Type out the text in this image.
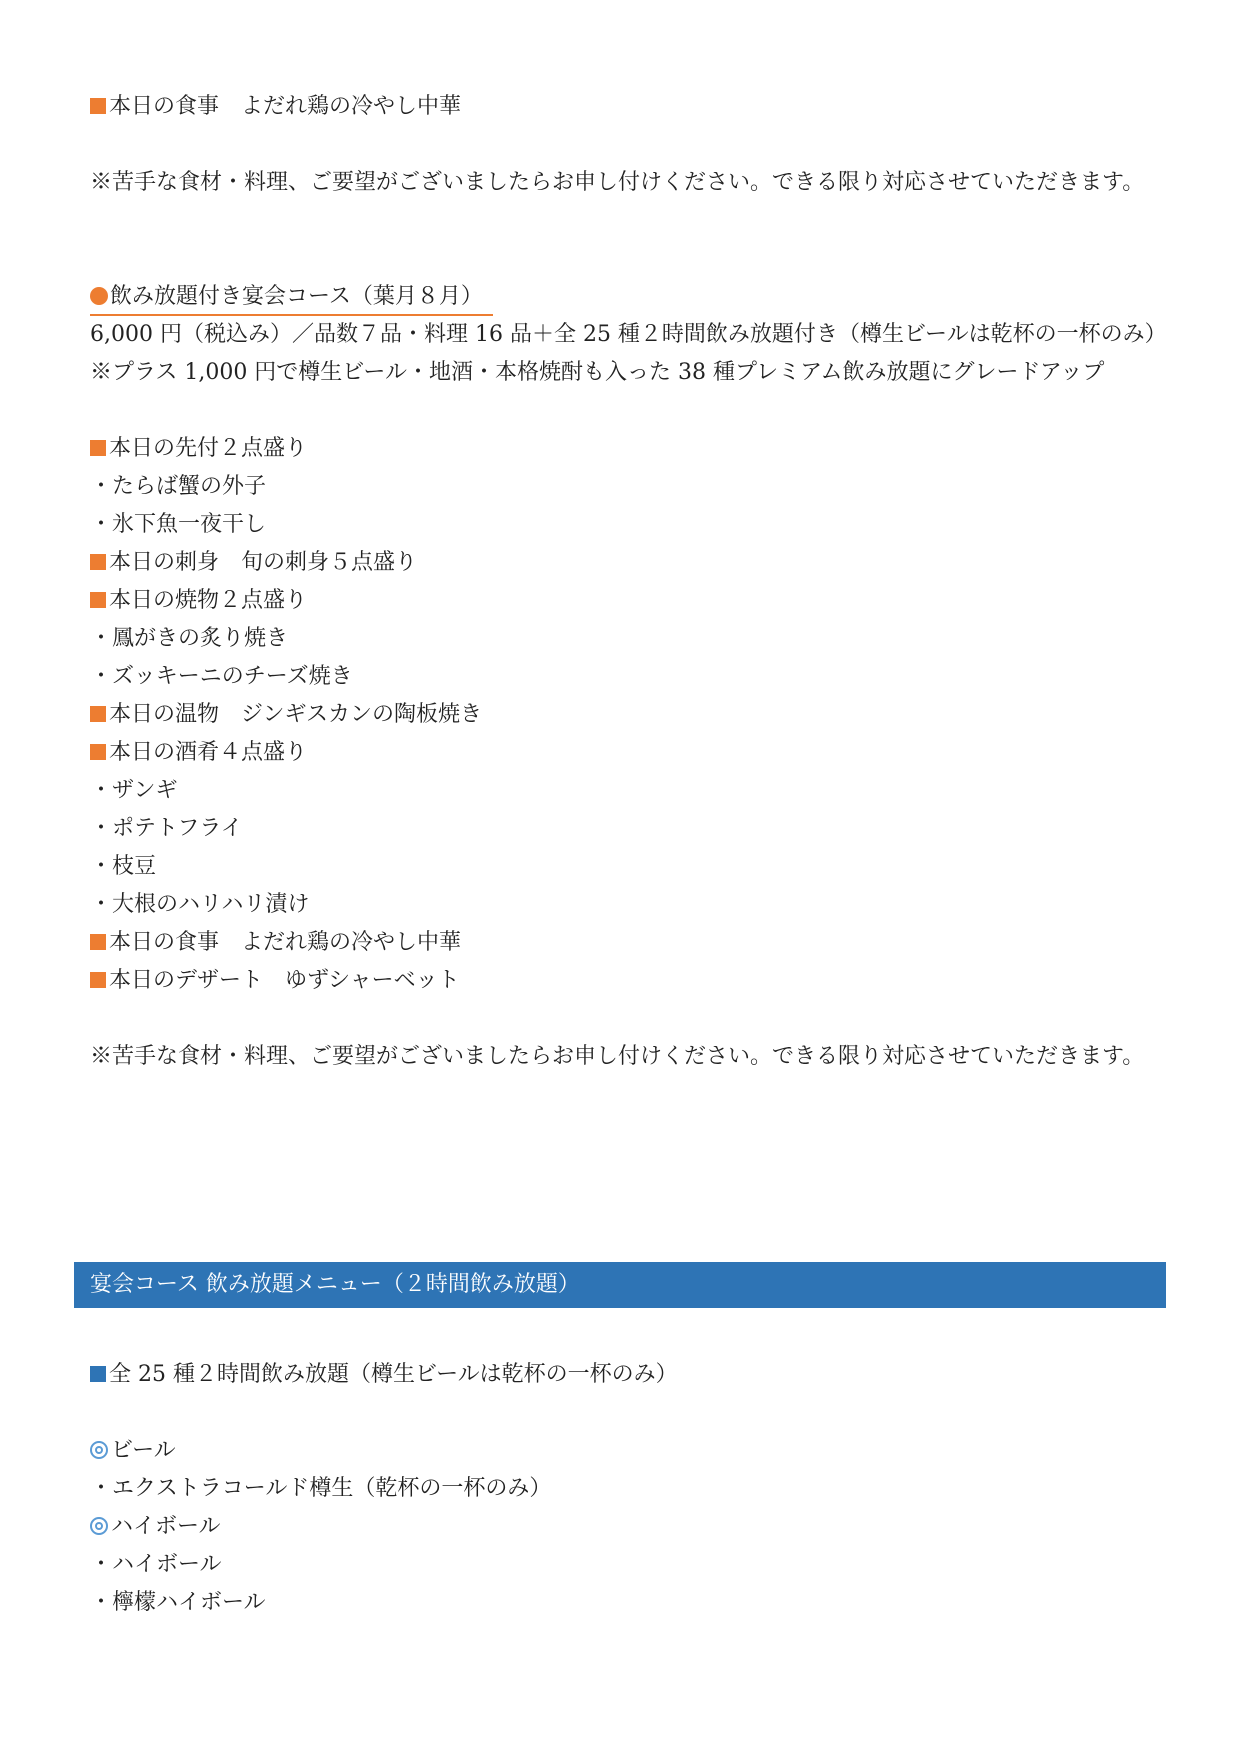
本日の食事　よだれ鶏の冷やし中華
※苦手な食材・料理、ご要望がございましたらお申し付けください。できる限り対応させていただきます。
飲み放題付き宴会コース（葉月８月）
6,000 円（税込み）／品数７品・料理 16 品＋全 25 種２時間飲み放題付き（樽生ビールは乾杯の一杯のみ）
※プラス 1,000 円で樽生ビール・地酒・本格焼酎も入った 38 種プレミアム飲み放題にグレードアップ
本日の先付２点盛り
・たらば蟹の外子
・氷下魚一夜干し
本日の刺身　旬の刺身５点盛り
本日の焼物２点盛り
・鳳がきの炙り焼き
・ズッキーニのチーズ焼き
本日の温物　ジンギスカンの陶板焼き
本日の酒肴４点盛り
・ザンギ
・ポテトフライ
・枝豆
・大根のハリハリ漬け
本日の食事　よだれ鶏の冷やし中華
本日のデザート　ゆずシャーベット
※苦手な食材・料理、ご要望がございましたらお申し付けください。できる限り対応させていただきます。
宴会コース 飲み放題メニュー（２時間飲み放題）
全 25 種２時間飲み放題（樽生ビールは乾杯の一杯のみ）
ビール
・エクストラコールド樽生（乾杯の一杯のみ）
ハイボール
・ハイボール
・檸檬ハイボール
